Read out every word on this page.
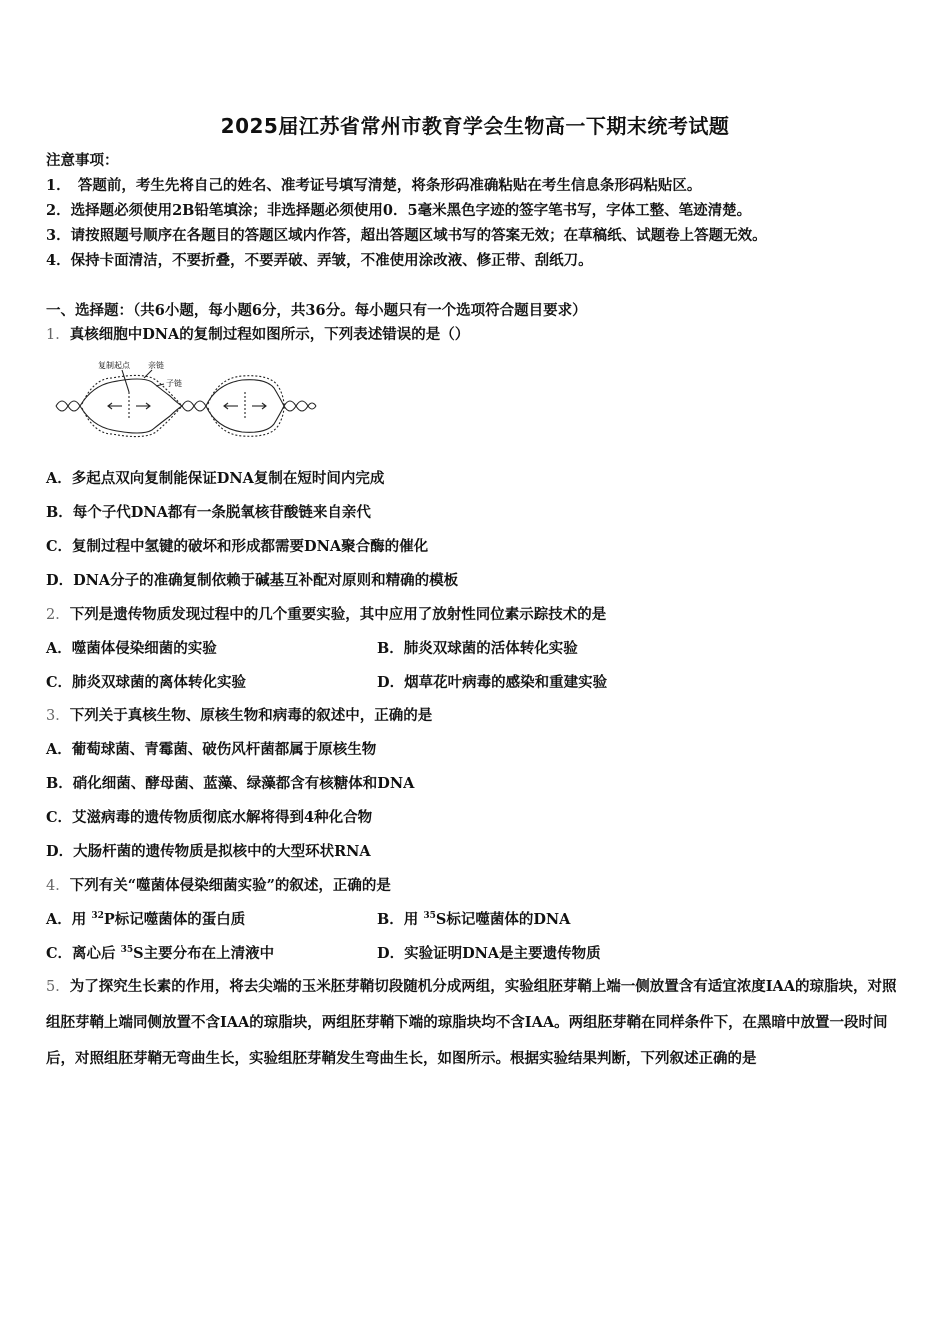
2025届江苏省常州市教育学会生物高一下期末统考试题
注意事项：
1．　答题前，考生先将自己的姓名、准考证号填写清楚，将条形码准确粘贴在考生信息条形码粘贴区。
2．选择题必须使用2B铅笔填涂；非选择题必须使用0．5毫米黑色字迹的签字笔书写，字体工整、笔迹清楚。
3．请按照题号顺序在各题目的答题区域内作答，超出答题区域书写的答案无效；在草稿纸、试题卷上答题无效。
4．保持卡面清洁，不要折叠，不要弄破、弄皱，不准使用涂改液、修正带、刮纸刀。
一、选择题：（共6小题，每小题6分，共36分。每小题只有一个选项符合题目要求）
1．真核细胞中DNA的复制过程如图所示，下列表述错误的是（）
复制起点 亲链
子链
A．多起点双向复制能保证DNA复制在短时间内完成
B．每个子代DNA都有一条脱氧核苷酸链来自亲代
C．复制过程中氢键的破坏和形成都需要DNA聚合酶的催化
D．DNA分子的准确复制依赖于碱基互补配对原则和精确的模板
2．下列是遗传物质发现过程中的几个重要实验，其中应用了放射性同位素示踪技术的是
A．噬菌体侵染细菌的实验	B．肺炎双球菌的活体转化实验
C．肺炎双球菌的离体转化实验	D．烟草花叶病毒的感染和重建实验
3．下列关于真核生物、原核生物和病毒的叙述中，正确的是
A．葡萄球菌、青霉菌、破伤风杆菌都属于原核生物
B．硝化细菌、酵母菌、蓝藻、绿藻都含有核糖体和DNA
C．艾滋病毒的遗传物质彻底水解将得到4种化合物
D．大肠杆菌的遗传物质是拟核中的大型环状RNA
4．下列有关“噬菌体侵染细菌实验”的叙述，正确的是
A．用 $^{32}$P标记噬菌体的蛋白质	B．用 $^{35}$S标记噬菌体的DNA
C．离心后 $^{35}$S主要分布在上清液中	D．实验证明DNA是主要遗传物质
5．为了探究生长素的作用，将去尖端的玉米胚芽鞘切段随机分成两组，实验组胚芽鞘上端一侧放置含有适宜浓度IAA的琼脂块，对照组胚芽鞘上端同侧放置不含IAA的琼脂块，两组胚芽鞘下端的琼脂块均不含IAA。两组胚芽鞘在同样条件下，在黑暗中放置一段时间后，对照组胚芽鞘无弯曲生长，实验组胚芽鞘发生弯曲生长，如图所示。根据实验结果判断，下列叙述正确的是
